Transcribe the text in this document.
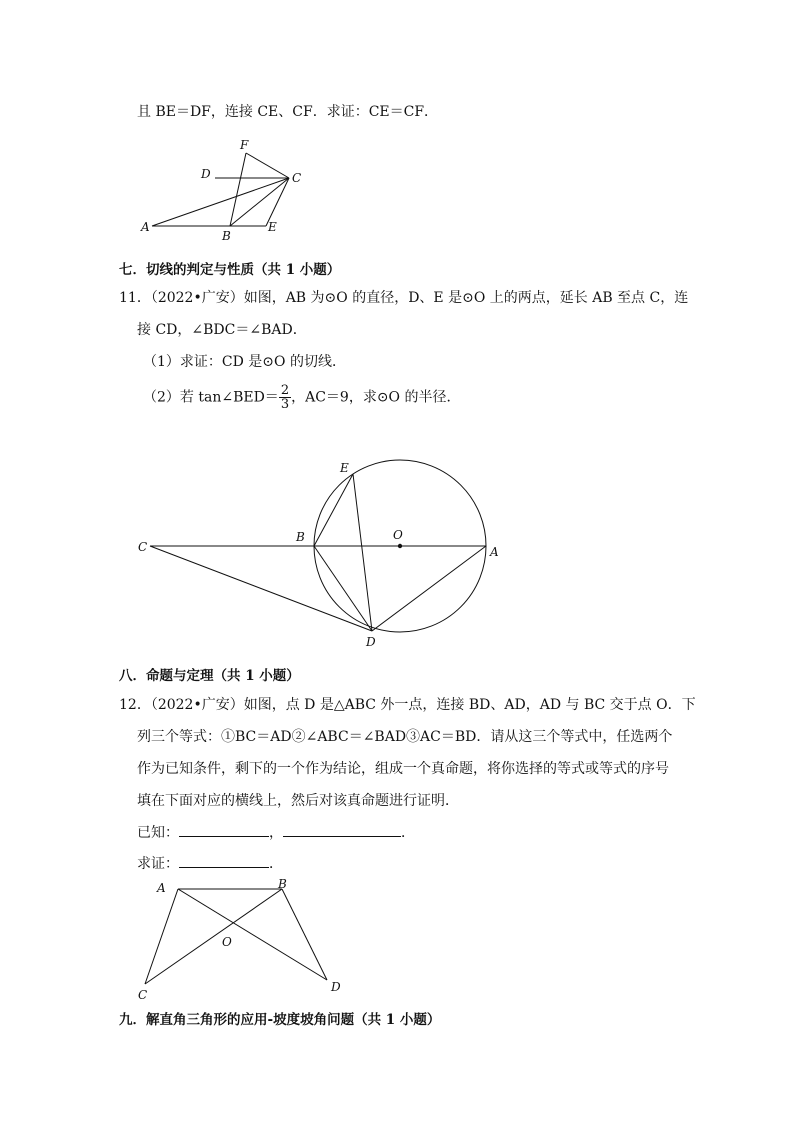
且 BE＝DF，连接 CE、CF．求证：CE＝CF．
F
D	C
A
B
E
七．切线的判定与性质（共 1 小题）
11．（2022•广安）如图，AB 为⊙O 的直径，D、E 是⊙O 上的两点，延长 AB 至点 C，连
接 CD，∠BDC＝∠BAD．
（1）求证：CD 是⊙O 的切线．
（2）若 tan∠BED＝ $\frac{2}{3}$ ，AC＝9，求⊙O 的半径．
E
B	O
C	A
D
八．命题与定理（共 1 小题）
12．（2022•广安）如图，点 D 是△ABC 外一点，连接 BD、AD，AD 与 BC 交于点 O．下
列三个等式：①BC＝AD②∠ABC＝∠BAD③AC＝BD．请从这三个等式中，任选两个
作为已知条件，剩下的一个作为结论，组成一个真命题，将你选择的等式或等式的序号
填在下面对应的横线上，然后对该真命题进行证明．
已知：	，	．
求证：	．
A	B
O
C
D
九．解直角三角形的应用-坡度坡角问题（共 1 小题）
